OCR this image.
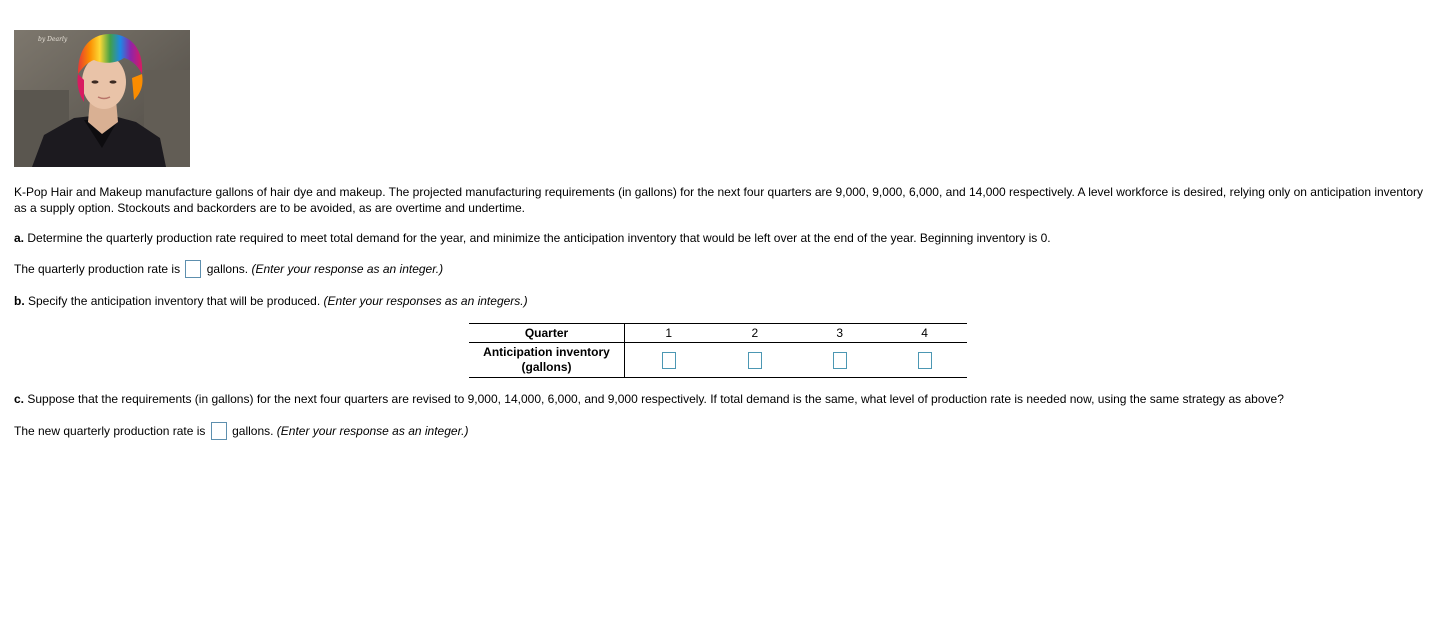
by Dearly

K-Pop Hair and Makeup manufacture gallons of hair dye and makeup. The projected manufacturing requirements (in gallons) for the next four quarters are 9,000, 9,000, 6,000, and 14,000 respectively. A level workforce is desired, relying only on anticipation inventory as a supply option. Stockouts and backorders are to be avoided, as are overtime and undertime.

a. Determine the quarterly production rate required to meet total demand for the year, and minimize the anticipation inventory that would be left over at the end of the year. Beginning inventory is 0.

The quarterly production rate is  gallons. (Enter your response as an integer.)

b. Specify the anticipation inventory that will be produced. (Enter your responses as an integers.)

Quarter	1	2	3	4
Anticipation inventory
(gallons)				

c. Suppose that the requirements (in gallons) for the next four quarters are revised to 9,000, 14,000, 6,000, and 9,000 respectively. If total demand is the same, what level of production rate is needed now, using the same strategy as above?

The new quarterly production rate is  gallons. (Enter your response as an integer.)
